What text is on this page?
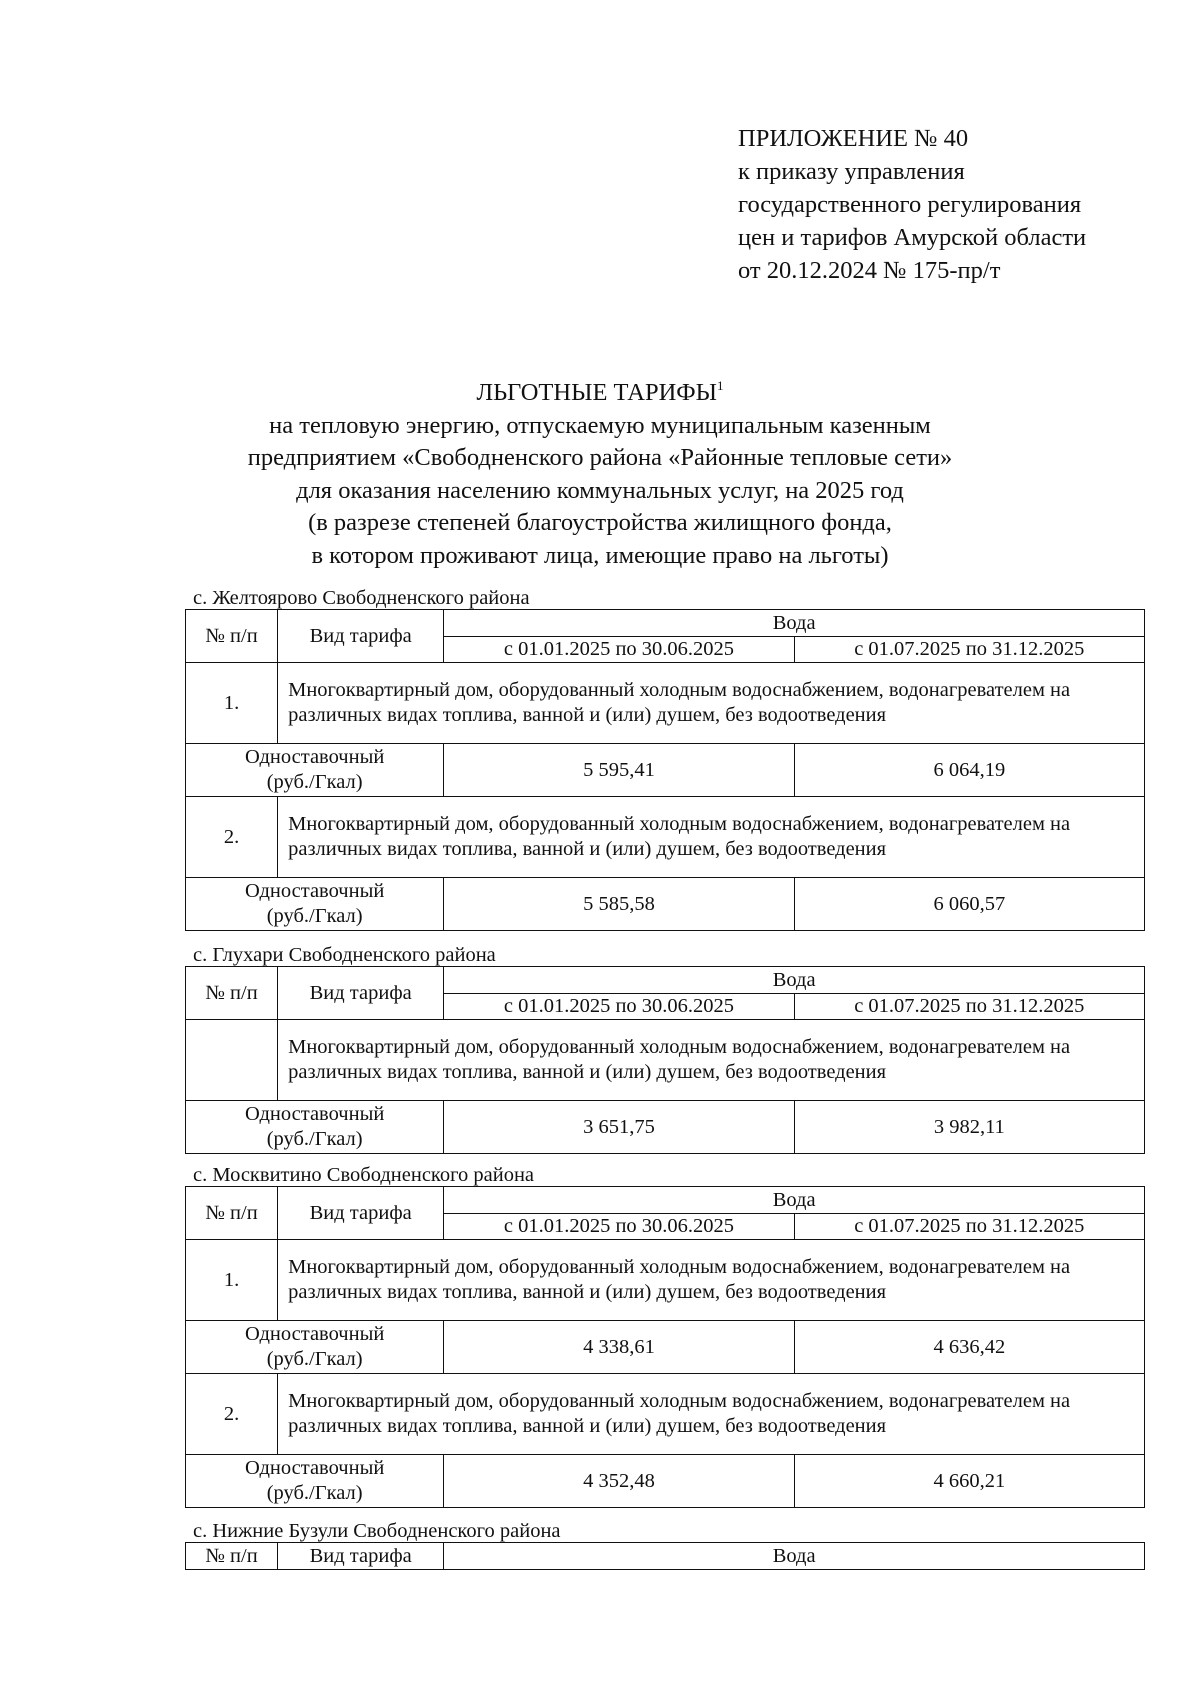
ПРИЛОЖЕНИЕ № 40
к приказу управления
государственного регулирования
цен и тарифов Амурской области
от 20.12.2024 № 175-пр/т
ЛЬГОТНЫЕ ТАРИФЫ$^1$
на тепловую энергию, отпускаемую муниципальным казенным
предприятием «Свободненского района «Районные тепловые сети»
для оказания населению коммунальных услуг, на 2025 год
(в разрезе степеней благоустройства жилищного фонда,
в котором проживают лица, имеющие право на льготы)
с. Желтоярово Свободненского района
№ п/п	Вид тарифа	Вода	
		с 01.01.2025 по 30.06.2025	с 01.07.2025 по 31.12.2025
1.	Многоквартирный дом, оборудованный холодным водоснабжением, водонагревателем на различных видах топлива, ванной и (или) душем, без водоотведения		

Одноставочный
(руб./Гкал)		5 595,41	6 064,19
2.	Многоквартирный дом, оборудованный холодным водоснабжением, водонагревателем на различных видах топлива, ванной и (или) душем, без водоотведения		

Одноставочный
(руб./Гкал)		5 585,58	6 060,57
с. Глухари Свободненского района
№ п/п	Вид тарифа	Вода	
		с 01.01.2025 по 30.06.2025	с 01.07.2025 по 31.12.2025
	Многоквартирный дом, оборудованный холодным водоснабжением, водонагревателем на различных видах топлива, ванной и (или) душем, без водоотведения		

Одноставочный
(руб./Гкал)		3 651,75	3 982,11
с. Москвитино Свободненского района
№ п/п	Вид тарифа	Вода	
		с 01.01.2025 по 30.06.2025	с 01.07.2025 по 31.12.2025
1.	Многоквартирный дом, оборудованный холодным водоснабжением, водонагревателем на различных видах топлива, ванной и (или) душем, без водоотведения		

Одноставочный
(руб./Гкал)		4 338,61	4 636,42
2.	Многоквартирный дом, оборудованный холодным водоснабжением, водонагревателем на различных видах топлива, ванной и (или) душем, без водоотведения		

Одноставочный
(руб./Гкал)		4 352,48	4 660,21
с. Нижние Бузули Свободненского района
№ п/п	Вид тарифа	Вода
